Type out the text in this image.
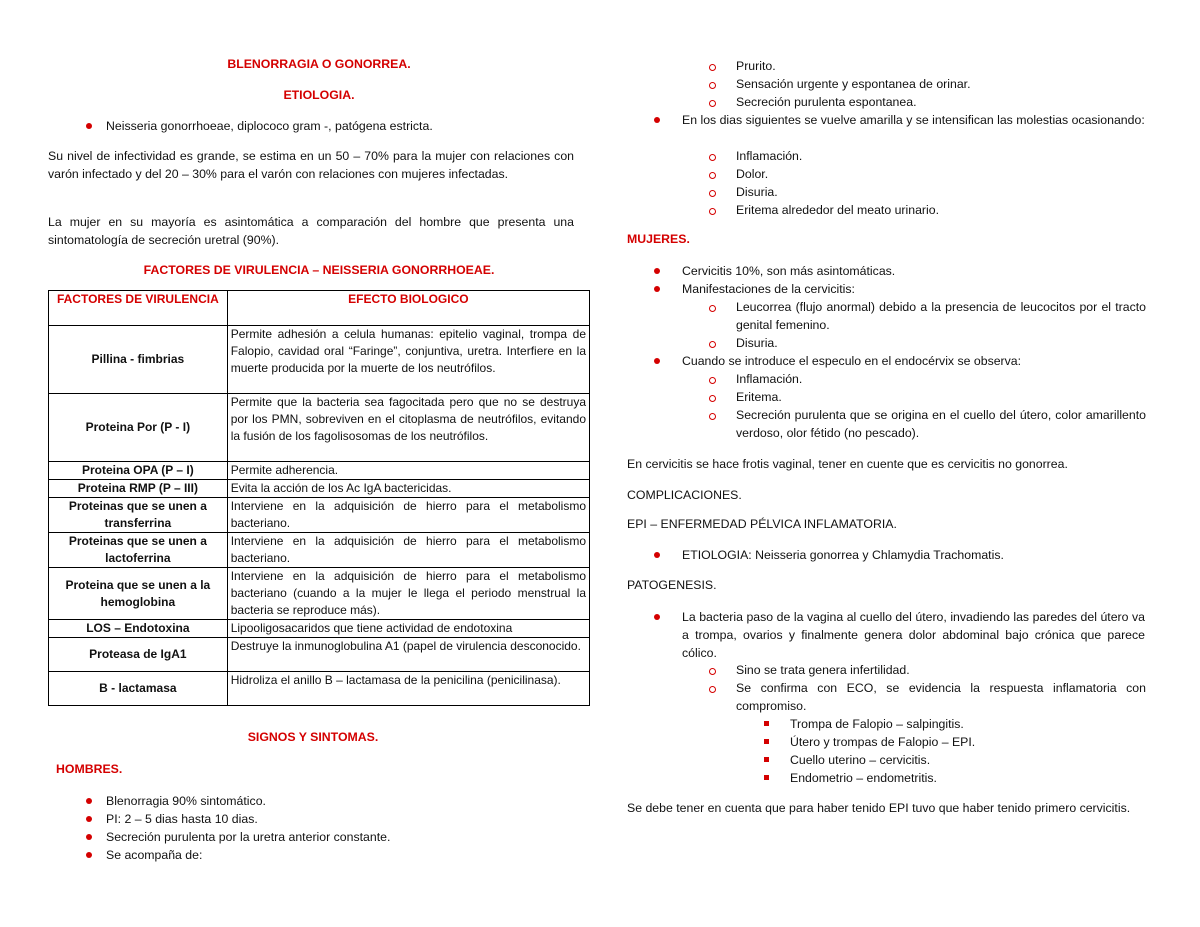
BLENORRAGIA O GONORREA.
ETIOLOGIA.
Neisseria gonorrhoeae, diplococo gram -, patógena estricta.
Su nivel de infectividad es grande, se estima en un 50 – 70% para la mujer con relaciones con varón infectado y del 20 – 30% para el varón con relaciones con mujeres infectadas.
La mujer en su mayoría es asintomática a comparación del hombre que presenta una sintomatología de secreción uretral (90%).
FACTORES DE VIRULENCIA – NEISSERIA GONORRHOEAE.
FACTORES DE VIRULENCIA	EFECTO BIOLOGICO
Pillina - fimbrias	Permite adhesión a celula humanas: epitelio vaginal, trompa de Falopio, cavidad oral “Faringe”, conjuntiva, uretra. Interfiere en la muerte producida por la muerte de los neutrófilos.
Proteina Por (P - I)	Permite que la bacteria sea fagocitada pero que no se destruya por los PMN, sobreviven en el citoplasma de neutrófilos, evitando la fusión de los fagolisosomas de los neutrófilos.
Proteina OPA (P – I)	Permite adherencia.
Proteina RMP (P – III)	Evita la acción de los Ac IgA bactericidas.
Proteinas que se unen a transferrina	Interviene en la adquisición de hierro para el metabolismo bacteriano.
Proteinas que se unen a lactoferrina	Interviene en la adquisición de hierro para el metabolismo bacteriano.
Proteina que se unen a la hemoglobina	Interviene en la adquisición de hierro para el metabolismo bacteriano (cuando a la mujer le llega el periodo menstrual la bacteria se reproduce más).
LOS – Endotoxina	Lipooligosacaridos que tiene actividad de endotoxina
Proteasa de IgA1	Destruye la inmunoglobulina A1 (papel de virulencia desconocido.
B - lactamasa	Hidroliza el anillo B – lactamasa de la penicilina (penicilinasa).
SIGNOS Y SINTOMAS.
HOMBRES.
Blenorragia 90% sintomático.
PI: 2 – 5 dias hasta 10 dias.
Secreción purulenta por la uretra anterior constante.
Se acompaña de:
Prurito.
Sensación urgente y espontanea de orinar.
Secreción purulenta espontanea.
En los dias siguientes se vuelve amarilla y se intensifican las molestias ocasionando:
Inflamación.
Dolor.
Disuria.
Eritema alrededor del meato urinario.
MUJERES.
Cervicitis 10%, son más asintomáticas.
Manifestaciones de la cervicitis:
Leucorrea (flujo anormal) debido a la presencia de leucocitos por el tracto genital femenino.
Disuria.
Cuando se introduce el especulo en el endocérvix se observa:
Inflamación.
Eritema.
Secreción purulenta que se origina en el cuello del útero, color amarillento verdoso, olor fétido (no pescado).
En cervicitis se hace frotis vaginal, tener en cuente que es cervicitis no gonorrea.
COMPLICACIONES.
EPI – ENFERMEDAD PÉLVICA INFLAMATORIA.
ETIOLOGIA: Neisseria gonorrea y Chlamydia Trachomatis.
PATOGENESIS.
La bacteria paso de la vagina al cuello del útero, invadiendo las paredes del útero va a trompa, ovarios y finalmente genera dolor abdominal bajo crónica que parece cólico.
Sino se trata genera infertilidad.
Se confirma con ECO, se evidencia la respuesta inflamatoria con compromiso.
Trompa de Falopio – salpingitis.
Útero y trompas de Falopio – EPI.
Cuello uterino – cervicitis.
Endometrio – endometritis.
Se debe tener en cuenta que para haber tenido EPI tuvo que haber tenido primero cervicitis.
